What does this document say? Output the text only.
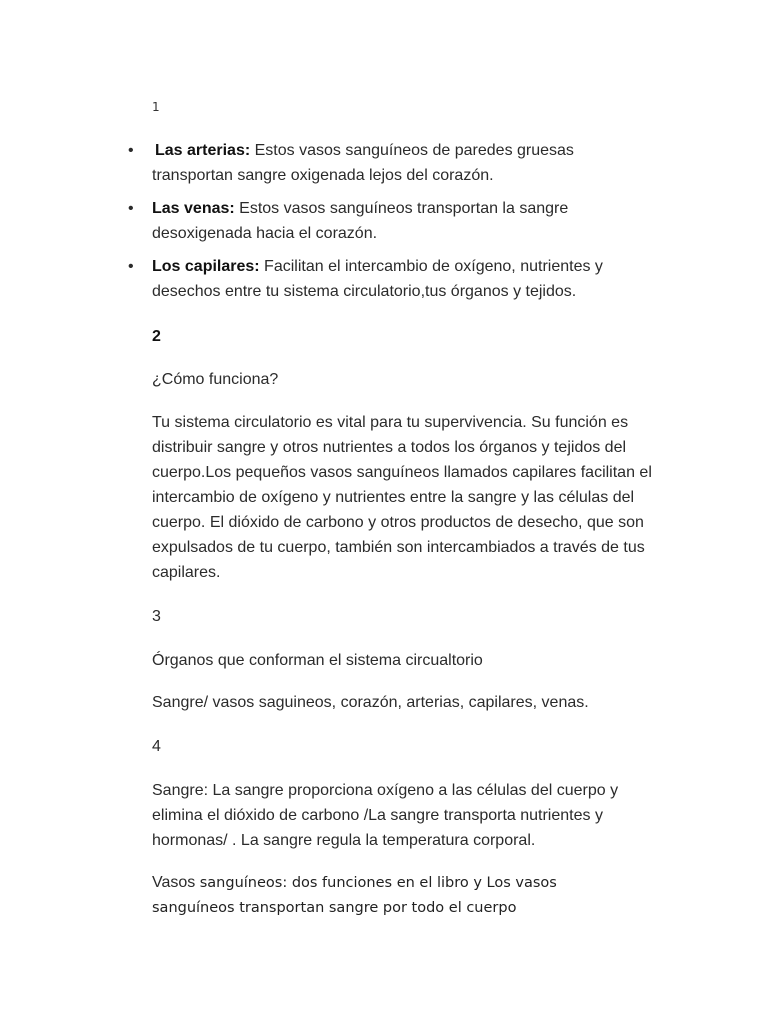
1
• Las arterias: Estos vasos sanguíneos de paredes gruesas transportan sangre oxigenada lejos del corazón.
• Las venas: Estos vasos sanguíneos transportan la sangre desoxigenada hacia el corazón.
• Los capilares: Facilitan el intercambio de oxígeno, nutrientes y desechos entre tu sistema circulatorio,tus órganos y tejidos.
2
¿Cómo funciona?
Tu sistema circulatorio es vital para tu supervivencia. Su función es distribuir sangre y otros nutrientes a todos los órganos y tejidos del cuerpo.Los pequeños vasos sanguíneos llamados capilares facilitan el intercambio de oxígeno y nutrientes entre la sangre y las células del cuerpo. El dióxido de carbono y otros productos de desecho, que son expulsados de tu cuerpo, también son intercambiados a través de tus capilares.
3
Órganos que conforman el sistema circualtorio
Sangre/ vasos saguineos, corazón, arterias, capilares, venas.
4
Sangre: La sangre proporciona oxígeno a las células del cuerpo y elimina el dióxido de carbono /La sangre transporta nutrientes y hormonas/ . La sangre regula la temperatura corporal.
Vasos sanguíneos: dos funciones en el libro y Los vasos sanguíneos transportan sangre por todo el cuerpo
